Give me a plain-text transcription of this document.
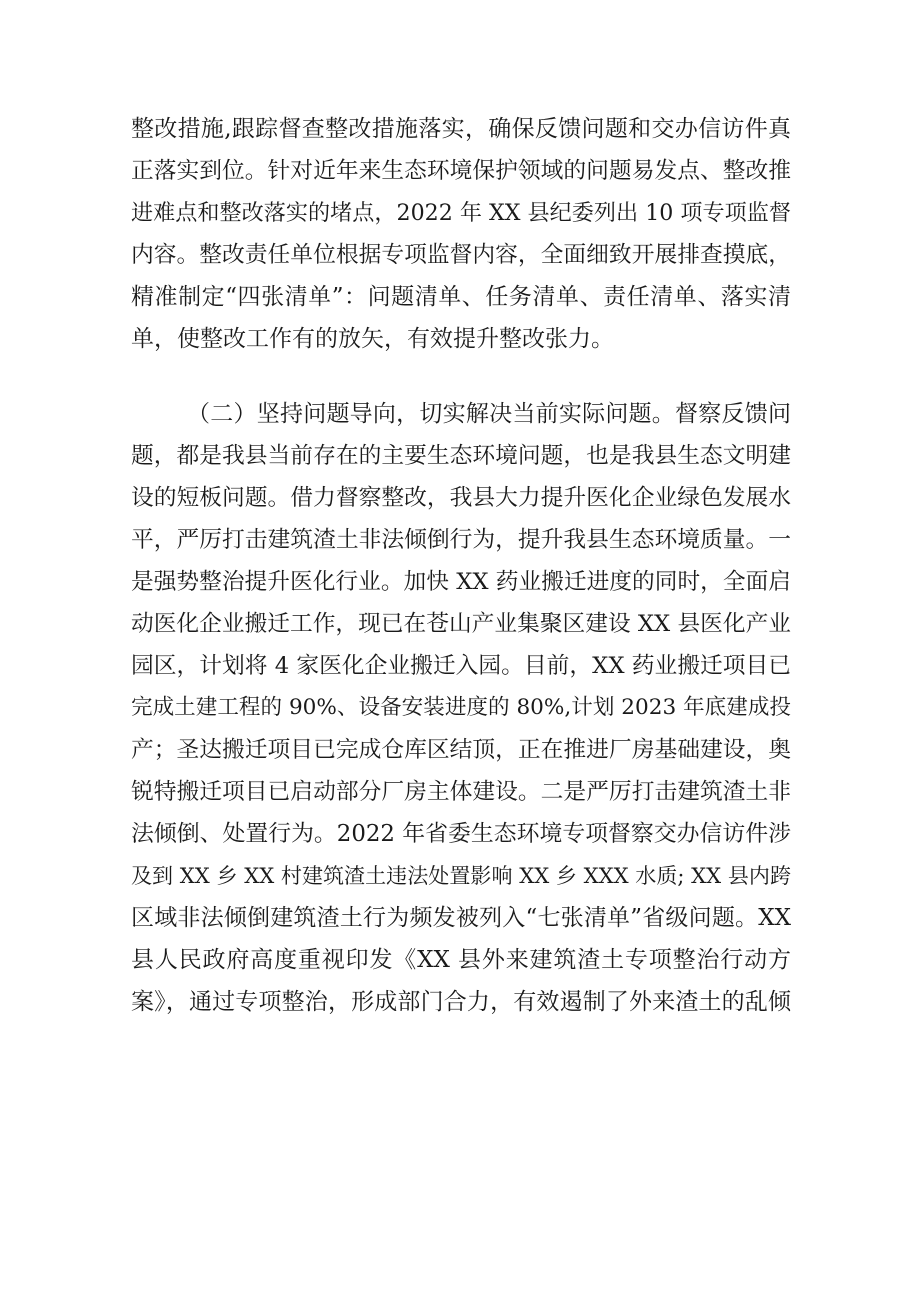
整改措施,跟踪督查整改措施落实，确保反馈问题和交办信访件真
正落实到位。针对近年来生态环境保护领域的问题易发点、整改推
进难点和整改落实的堵点，2022 年 XX 县纪委列出 10 项专项监督
内容。整改责任单位根据专项监督内容，全面细致开展排查摸底，
精准制定“四张清单”：问题清单、任务清单、责任清单、落实清
单，使整改工作有的放矢，有效提升整改张力。
（二）坚持问题导向，切实解决当前实际问题。督察反馈问
题，都是我县当前存在的主要生态环境问题，也是我县生态文明建
设的短板问题。借力督察整改，我县大力提升医化企业绿色发展水
平，严厉打击建筑渣土非法倾倒行为，提升我县生态环境质量。一
是强势整治提升医化行业。加快 XX 药业搬迁进度的同时，全面启
动医化企业搬迁工作，现已在苍山产业集聚区建设 XX 县医化产业
园区，计划将 4 家医化企业搬迁入园。目前，XX 药业搬迁项目已
完成土建工程的 90%、设备安装进度的 80%,计划 2023 年底建成投
产；圣达搬迁项目已完成仓库区结顶，正在推进厂房基础建设，奥
锐特搬迁项目已启动部分厂房主体建设。二是严厉打击建筑渣土非
法倾倒、处置行为。2022 年省委生态环境专项督察交办信访件涉
及到 XX 乡 XX 村建筑渣土违法处置影响 XX 乡 XXX 水质; XX 县内跨
区域非法倾倒建筑渣土行为频发被列入“七张清单”省级问题。XX
县人民政府高度重视印发《XX 县外来建筑渣土专项整治行动方
案》，通过专项整治，形成部门合力，有效遏制了外来渣土的乱倾
